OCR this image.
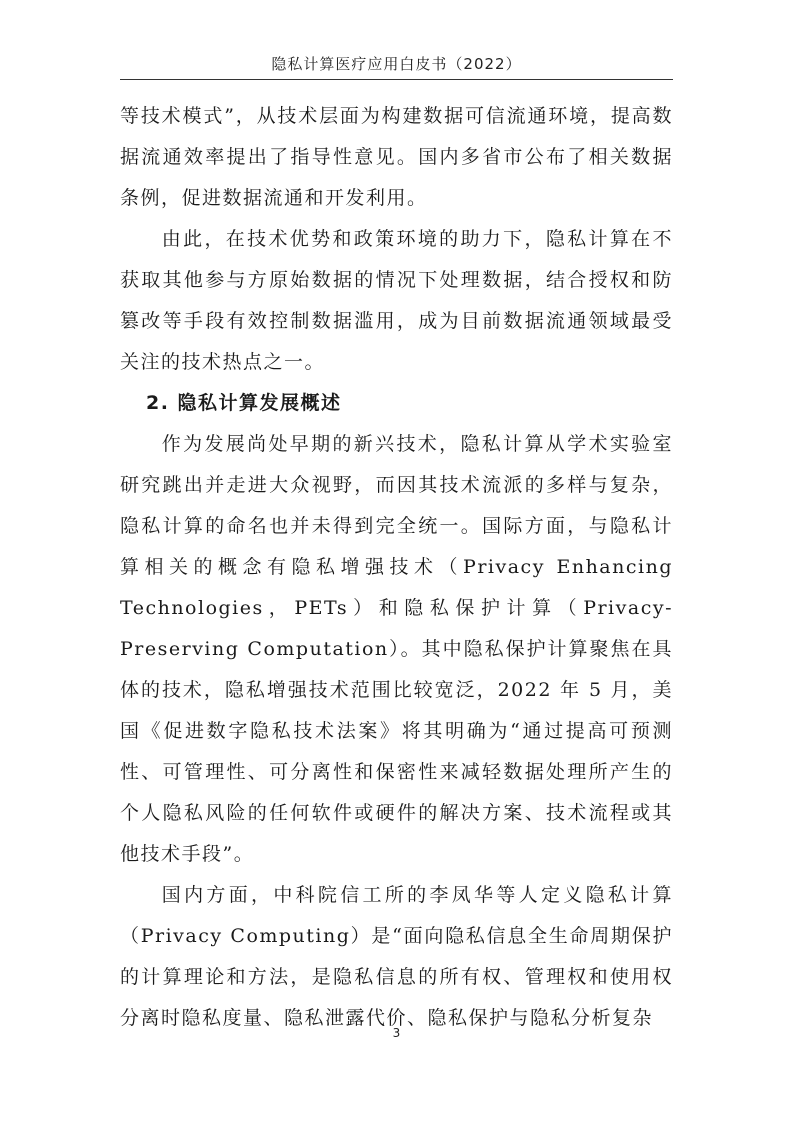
隐私计算医疗应用白皮书（2022）

等技术模式”，从技术层面为构建数据可信流通环境，提高数据流通效率提出了指导性意见。国内多省市公布了相关数据条例，促进数据流通和开发利用。

由此，在技术优势和政策环境的助力下，隐私计算在不获取其他参与方原始数据的情况下处理数据，结合授权和防篡改等手段有效控制数据滥用，成为目前数据流通领域最受关注的技术热点之一。

2. 隐私计算发展概述

作为发展尚处早期的新兴技术，隐私计算从学术实验室研究跳出并走进大众视野，而因其技术流派的多样与复杂，隐私计算的命名也并未得到完全统一。国际方面，与隐私计算相关的概念有隐私增强技术（Privacy Enhancing Technologies，PETs）和隐私保护计算（Privacy-Preserving Computation）。其中隐私保护计算聚焦在具体的技术，隐私增强技术范围比较宽泛，2022 年 5 月，美国《促进数字隐私技术法案》将其明确为“通过提高可预测性、可管理性、可分离性和保密性来减轻数据处理所产生的个人隐私风险的任何软件或硬件的解决方案、技术流程或其他技术手段”。

国内方面，中科院信工所的李凤华等人定义隐私计算（Privacy Computing）是“面向隐私信息全生命周期保护的计算理论和方法，是隐私信息的所有权、管理权和使用权分离时隐私度量、隐私泄露代价、隐私保护与隐私分析复杂

3
